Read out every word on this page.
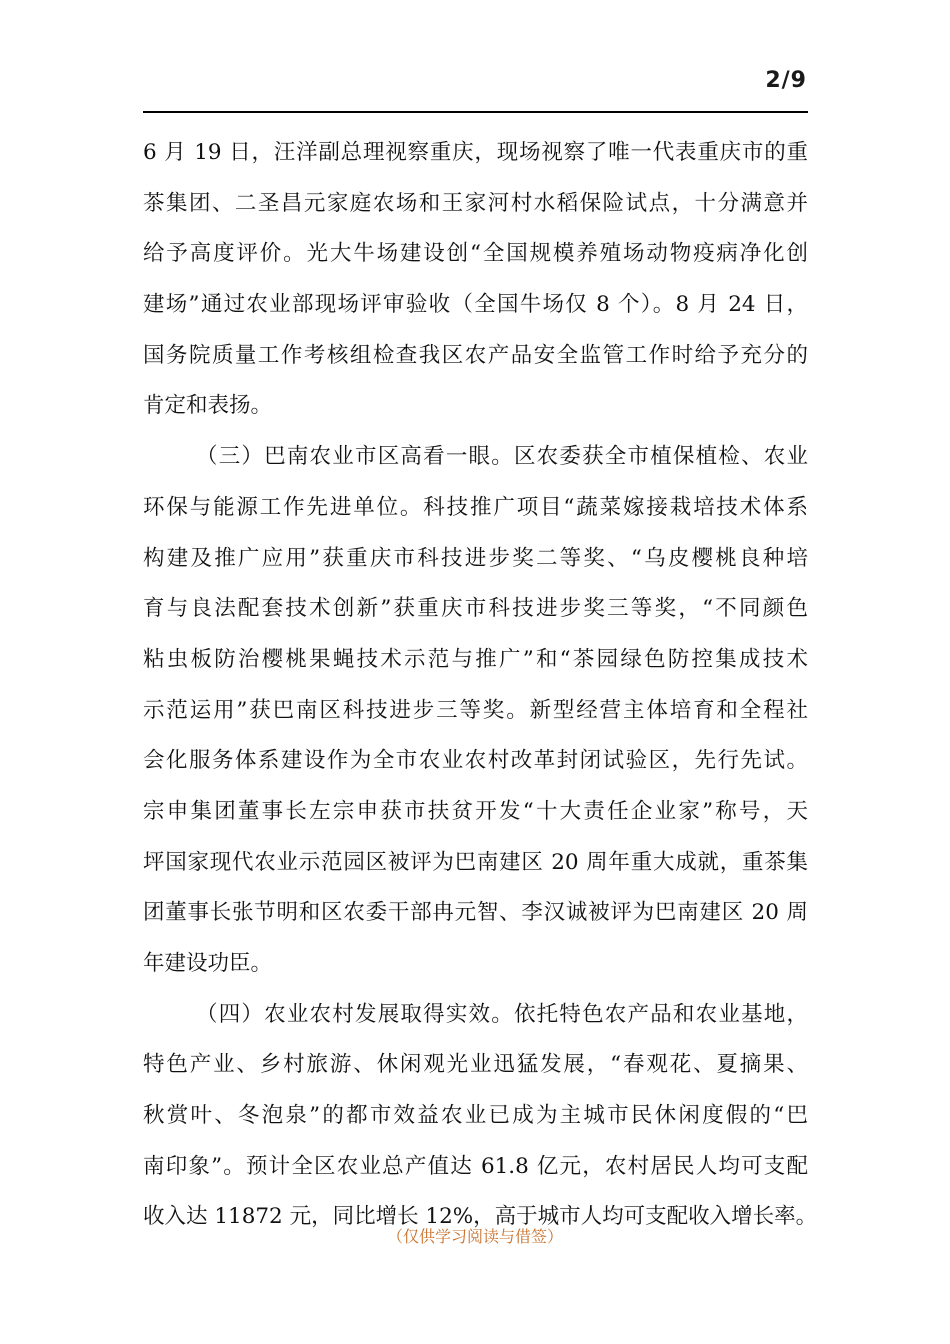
2/9
6 月 19 日，汪洋副总理视察重庆，现场视察了唯一代表重庆市的重
茶集团、二圣昌元家庭农场和王家河村水稻保险试点，十分满意并
给予高度评价。光大牛场建设创“全国规模养殖场动物疫病净化创
建场”通过农业部现场评审验收（全国牛场仅 8 个）。8 月 24 日，
国务院质量工作考核组检查我区农产品安全监管工作时给予充分的
肯定和表扬。
（三）巴南农业市区高看一眼。区农委获全市植保植检、农业
环保与能源工作先进单位。科技推广项目“蔬菜嫁接栽培技术体系
构建及推广应用”获重庆市科技进步奖二等奖、“乌皮樱桃良种培
育与良法配套技术创新”获重庆市科技进步奖三等奖，“不同颜色
粘虫板防治樱桃果蝇技术示范与推广”和“茶园绿色防控集成技术
示范运用”获巴南区科技进步三等奖。新型经营主体培育和全程社
会化服务体系建设作为全市农业农村改革封闭试验区，先行先试。
宗申集团董事长左宗申获市扶贫开发“十大责任企业家”称号，天
坪国家现代农业示范园区被评为巴南建区 20 周年重大成就，重茶集
团董事长张节明和区农委干部冉元智、李汉诚被评为巴南建区 20 周
年建设功臣。
（四）农业农村发展取得实效。依托特色农产品和农业基地，
特色产业、乡村旅游、休闲观光业迅猛发展，“春观花、夏摘果、
秋赏叶、冬泡泉”的都市效益农业已成为主城市民休闲度假的“巴
南印象”。预计全区农业总产值达 61.8 亿元，农村居民人均可支配
收入达 11872 元，同比增长 12%，高于城市人均可支配收入增长率。
（仅供学习阅读与借签）
